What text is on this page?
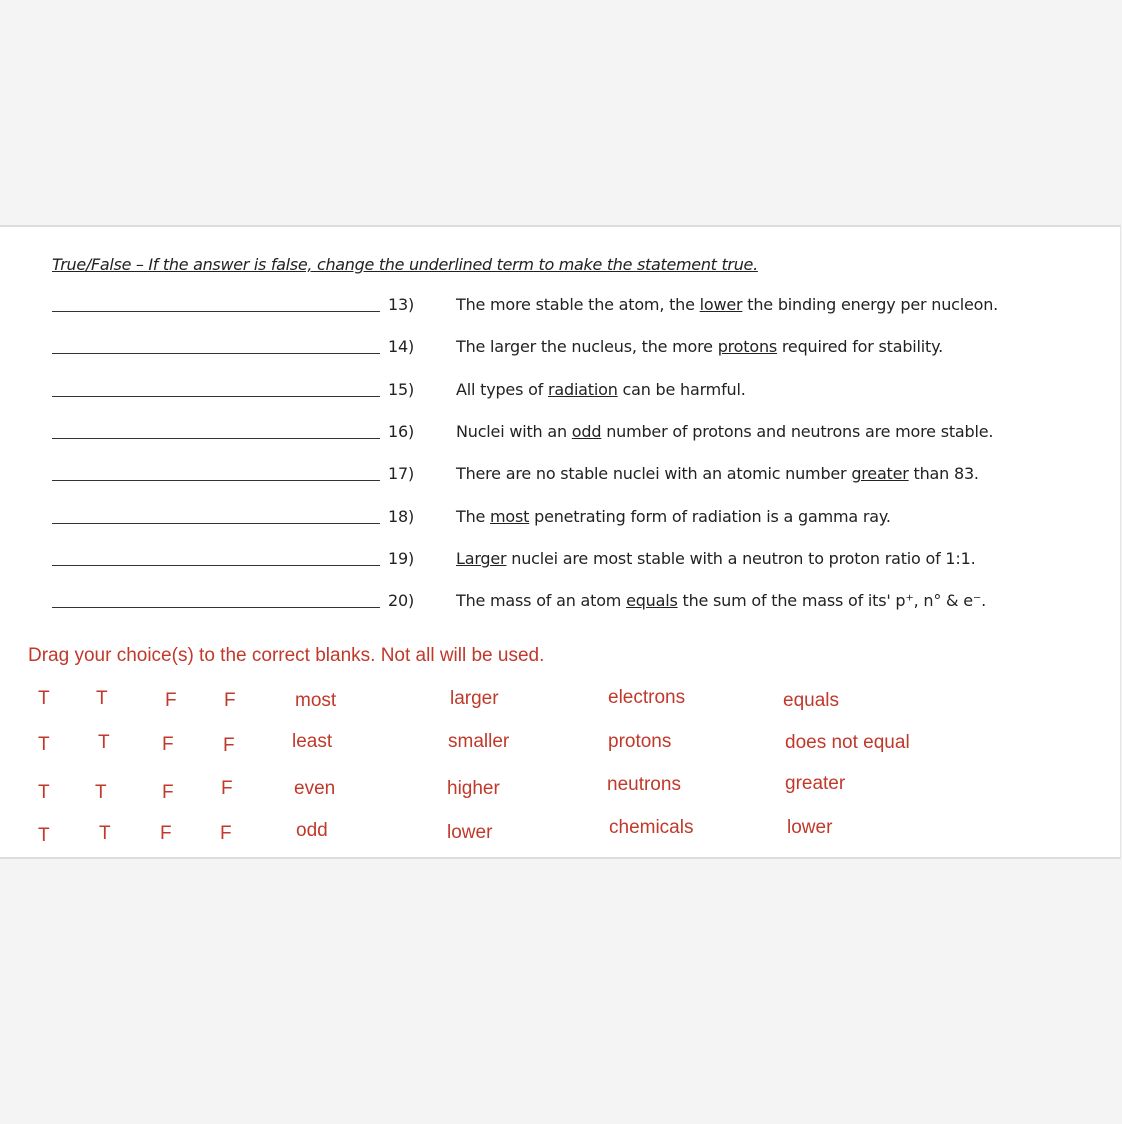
True/False – If the answer is false, change the underlined term to make the statement true.
13)	The more stable the atom, the lower the binding energy per nucleon.
14)	The larger the nucleus, the more protons required for stability.
15)	All types of radiation can be harmful.
16)	Nuclei with an odd number of protons and neutrons are more stable.
17)	There are no stable nuclei with an atomic number greater than 83.
18)	The most penetrating form of radiation is a gamma ray.
19)	Larger nuclei are most stable with a neutron to proton ratio of 1:1.
20)	The mass of an atom equals the sum of the mass of its' p⁺, n° & e⁻.
Drag your choice(s) to the correct blanks. Not all will be used.
T T	F F	most	larger	electrons	equals
T	T	F	F	least	smaller	protons	does not equal
T T	F F	even	higher	neutrons	greater
T	T	F	F	odd	lower	chemicals	lower
